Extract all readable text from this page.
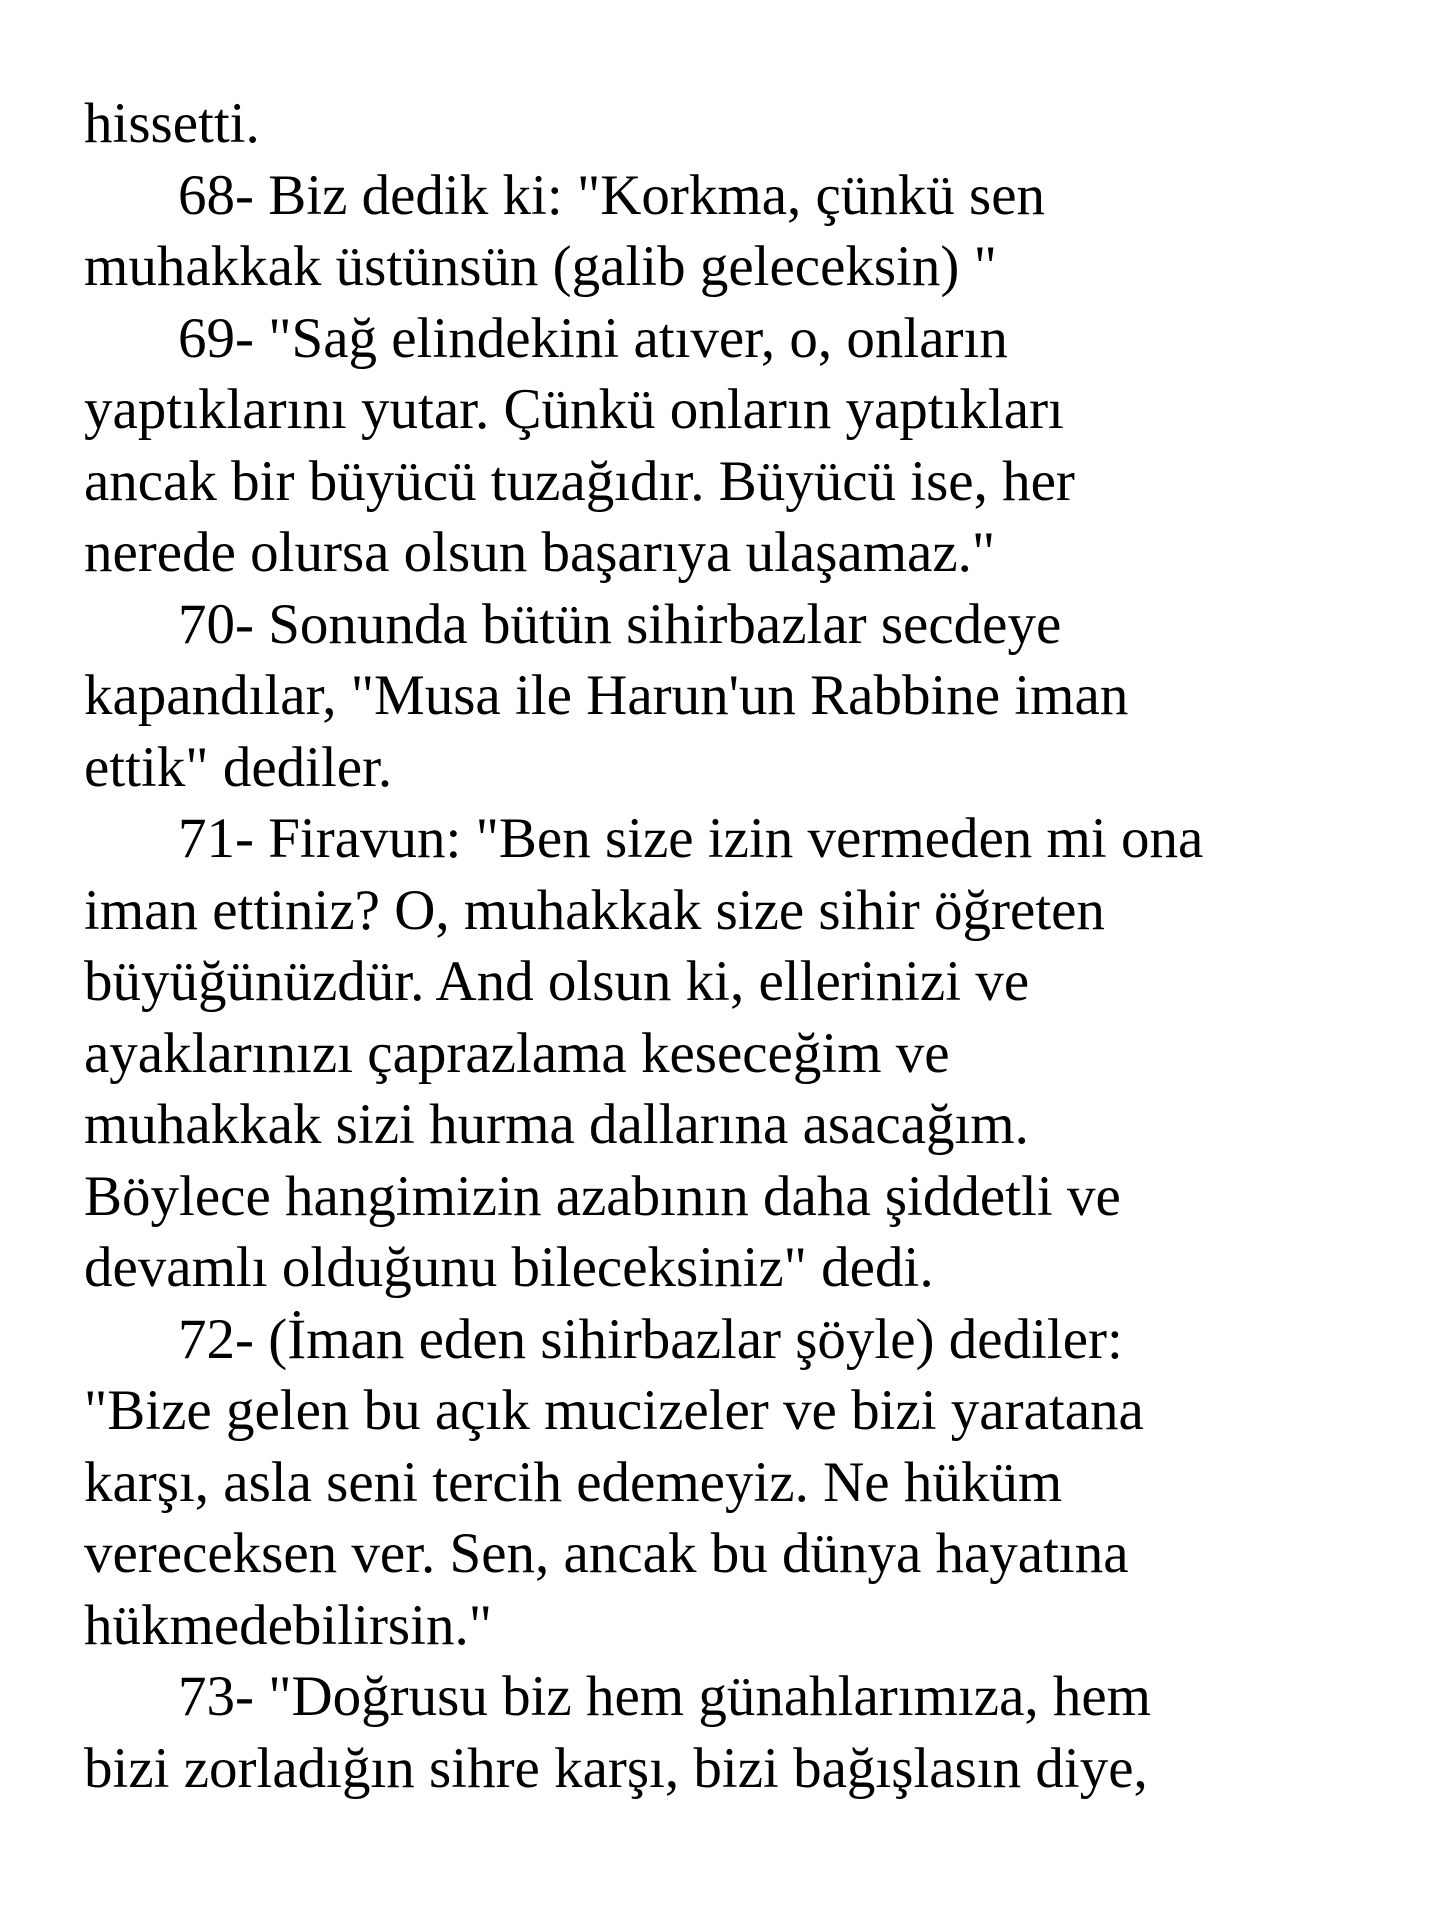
hissetti.

68- Biz dedik ki: "Korkma, çünkü sen
muhakkak üstünsün (galib geleceksin) "

69- "Sağ elindekini atıver, o, onların
yaptıklarını yutar. Çünkü onların yaptıkları
ancak bir büyücü tuzağıdır. Büyücü ise, her
nerede olursa olsun başarıya ulaşamaz."

70- Sonunda bütün sihirbazlar secdeye
kapandılar, "Musa ile Harun'un Rabbine iman
ettik" dediler.

71- Firavun: "Ben size izin vermeden mi ona
iman ettiniz? O, muhakkak size sihir öğreten
büyüğünüzdür. And olsun ki, ellerinizi ve
ayaklarınızı çaprazlama keseceğim ve
muhakkak sizi hurma dallarına asacağım.
Böylece hangimizin azabının daha şiddetli ve
devamlı olduğunu bileceksiniz" dedi.

72- (İman eden sihirbazlar şöyle) dediler:
"Bize gelen bu açık mucizeler ve bizi yaratana
karşı, asla seni tercih edemeyiz. Ne hüküm
vereceksen ver. Sen, ancak bu dünya hayatına
hükmedebilirsin."

73- "Doğrusu biz hem günahlarımıza, hem
bizi zorladığın sihre karşı, bizi bağışlasın diye,
